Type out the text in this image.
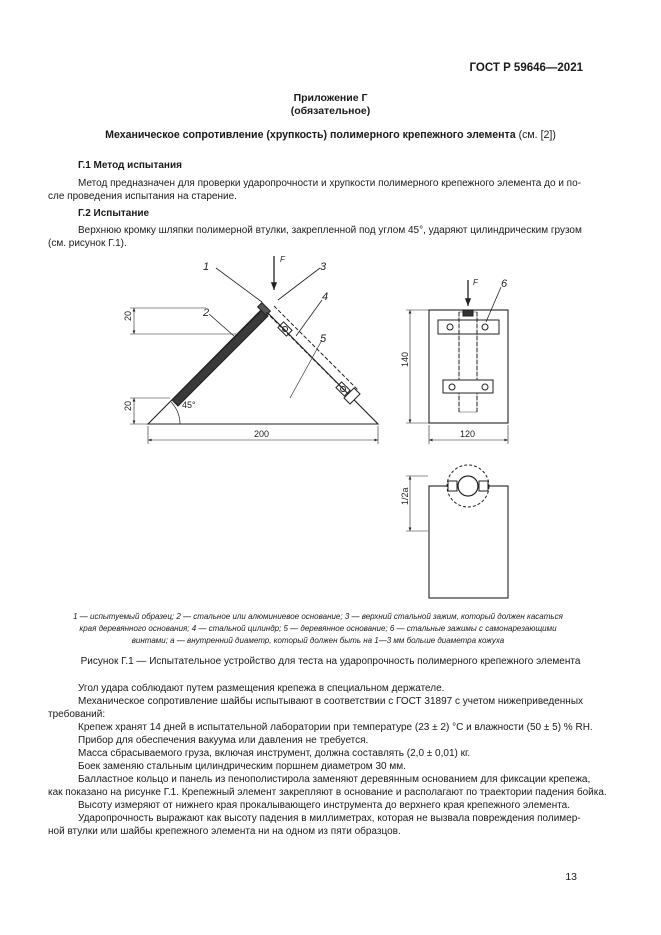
ГОСТ Р 59646—2021
Приложение Г
(обязательное)
Механическое сопротивление (хрупкость) полимерного крепежного элемента (см. [2])
Г.1 Метод испытания
Метод предназначен для проверки ударопрочности и хрупкости полимерного крепежного элемента до и по-
сле проведения испытания на старение.
Г.2 Испытание
Верхнюю кромку шляпки полимерной втулки, закрепленной под углом 45°, ударяют цилиндрическим грузом
(см. рисунок Г.1).
1
2
3
4
5
6
F
F
20
20	45°
200
140
120
1/2a
1 — испытуемый образец; 2 — стальное или алюминиевое основание; 3 — верхний стальной зажим, который должен касаться
края деревянного основания; 4 — стальной цилиндр; 5 — деревянное основание; 6 — стальные зажимы с самонарезающими
винтами; а — внутренний диаметр, который должен быть на 1—3 мм больше диаметра кожуха
Рисунок Г.1 — Испытательное устройство для теста на ударопрочность полимерного крепежного элемента
Угол удара соблюдают путем размещения крепежа в специальном держателе.
Механическое сопротивление шайбы испытывают в соответствии с ГОСТ 31897 с учетом нижеприведенных
требований:
Крепеж хранят 14 дней в испытательной лаборатории при температуре (23 ± 2) °С и влажности (50 ± 5) % RH.
Прибор для обеспечения вакуума или давления не требуется.
Масса сбрасываемого груза, включая инструмент, должна составлять (2,0 ± 0,01) кг.
Боек заменяю стальным цилиндрическим поршнем диаметром 30 мм.
Балластное кольцо и панель из пенополистирола заменяют деревянным основанием для фиксации крепежа,
как показано на рисунке Г.1. Крепежный элемент закрепляют в основание и располагают по траектории падения бойка.
Высоту измеряют от нижнего края прокалывающего инструмента до верхнего края крепежного элемента.
Ударопрочность выражают как высоту падения в миллиметрах, которая не вызвала повреждения полимер-
ной втулки или шайбы крепежного элемента ни на одном из пяти образцов.
13
